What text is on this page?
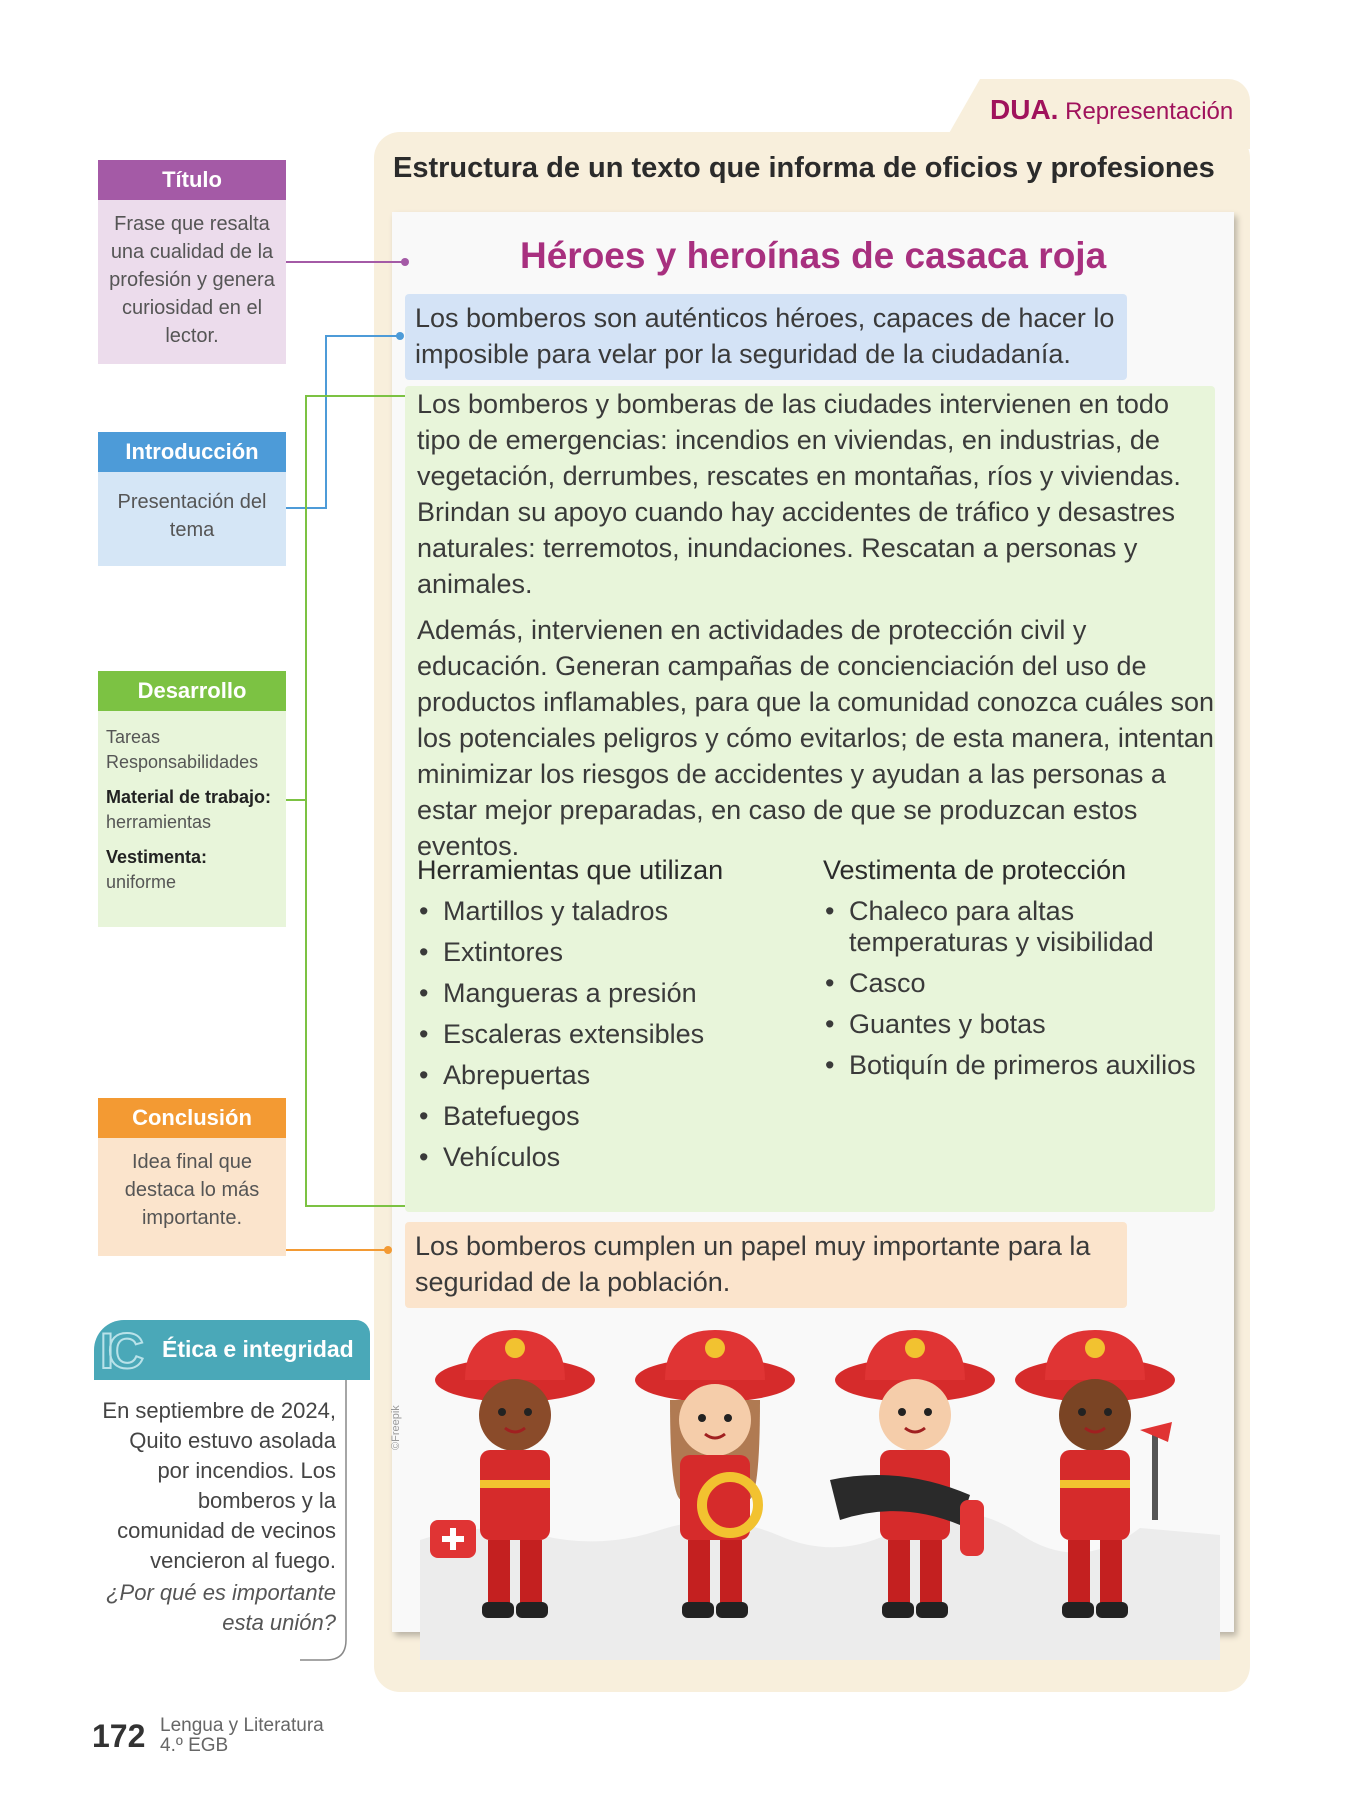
DUA. Representación
Estructura de un texto que informa de oficios y profesiones
Héroes y heroínas de casaca roja
Los bomberos son auténticos héroes, capaces de hacer lo imposible para velar por la seguridad de la ciudadanía.

Los bomberos y bomberas de las ciudades intervienen en todo tipo de emergencias: incendios en viviendas, en industrias, de vegetación, derrumbes, rescates en montañas, ríos y viviendas. Brindan su apoyo cuando hay accidentes de tráfico y desastres naturales: terremotos, inundaciones. Rescatan a personas y animales.

Además, intervienen en actividades de protección civil y educación. Generan campañas de concienciación del uso de productos inflamables, para que la comunidad conozca cuáles son los potenciales peligros y cómo evitarlos; de esta manera, intentan minimizar los riesgos de accidentes y ayudan a las personas a estar mejor preparadas, en caso de que se produzcan estos eventos.

Herramientas que utilizan
• Martillos y taladros
• Extintores
• Mangueras a presión
• Escaleras extensibles
• Abrepuertas
• Batefuegos
• Vehículos
Vestimenta de protección
• Chaleco para altas temperaturas y visibilidad
• Casco
• Guantes y botas
• Botiquín de primeros auxilios
Los bomberos cumplen un papel muy importante para la seguridad de la población.
©Freepik
Título
Frase que resalta una cualidad de la profesión y genera curiosidad en el lector.
Introducción
Presentación del tema
Desarrollo
Tareas
Responsabilidades
Material de trabajo:
herramientas
Vestimenta:
uniforme
Conclusión
Idea final que destaca lo más importante.
IC Ética e integridad
En septiembre de 2024, Quito estuvo asolada por incendios. Los bomberos y la comunidad de vecinos vencieron al fuego.
¿Por qué es importante esta unión?
172 Lengua y Literatura
4.º EGB
